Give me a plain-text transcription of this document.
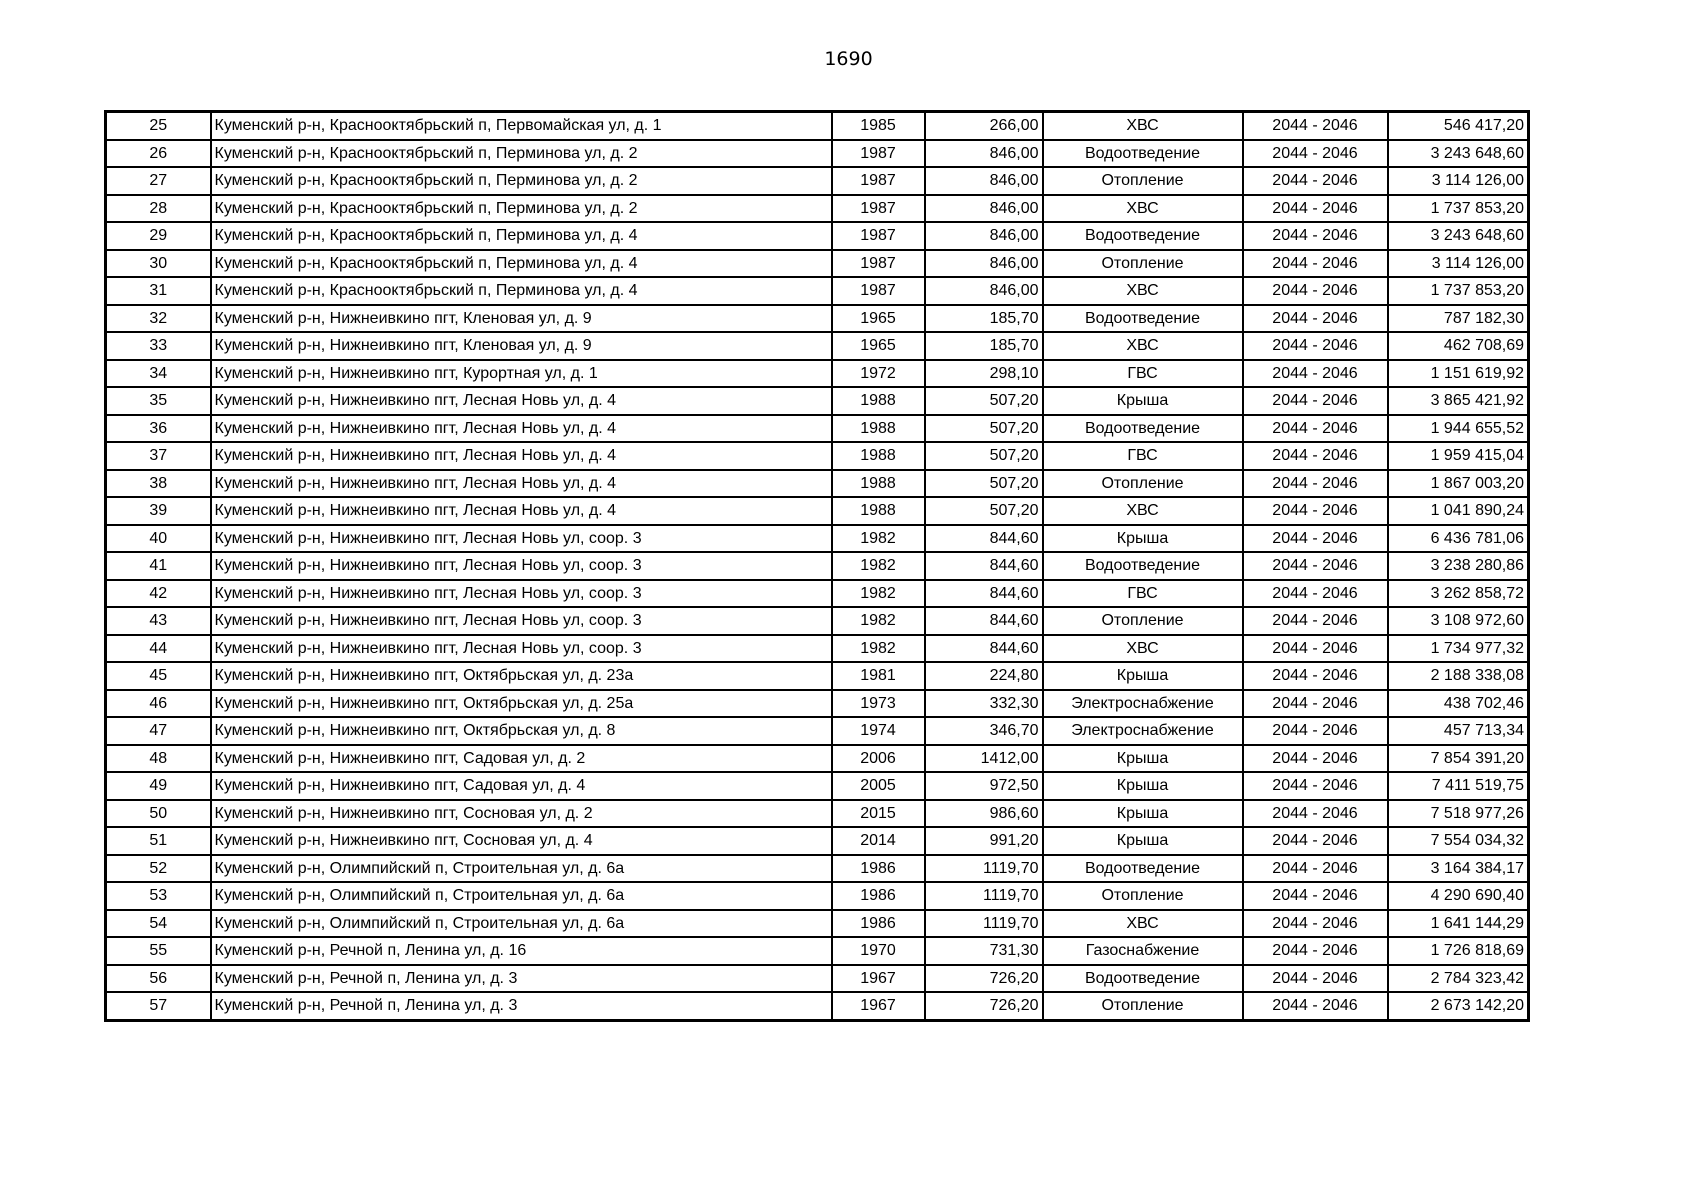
1690
25	Куменский р-н, Краснооктябрьский п, Первомайская ул, д. 1	1985	266,00	ХВС	2044 - 2046	546 417,20
26	Куменский р-н, Краснооктябрьский п, Перминова ул, д. 2	1987	846,00	Водоотведение	2044 - 2046	3 243 648,60
27	Куменский р-н, Краснооктябрьский п, Перминова ул, д. 2	1987	846,00	Отопление	2044 - 2046	3 114 126,00
28	Куменский р-н, Краснооктябрьский п, Перминова ул, д. 2	1987	846,00	ХВС	2044 - 2046	1 737 853,20
29	Куменский р-н, Краснооктябрьский п, Перминова ул, д. 4	1987	846,00	Водоотведение	2044 - 2046	3 243 648,60
30	Куменский р-н, Краснооктябрьский п, Перминова ул, д. 4	1987	846,00	Отопление	2044 - 2046	3 114 126,00
31	Куменский р-н, Краснооктябрьский п, Перминова ул, д. 4	1987	846,00	ХВС	2044 - 2046	1 737 853,20
32	Куменский р-н, Нижнеивкино пгт, Кленовая ул, д. 9	1965	185,70	Водоотведение	2044 - 2046	787 182,30
33	Куменский р-н, Нижнеивкино пгт, Кленовая ул, д. 9	1965	185,70	ХВС	2044 - 2046	462 708,69
34	Куменский р-н, Нижнеивкино пгт, Курортная ул, д. 1	1972	298,10	ГВС	2044 - 2046	1 151 619,92
35	Куменский р-н, Нижнеивкино пгт, Лесная Новь ул, д. 4	1988	507,20	Крыша	2044 - 2046	3 865 421,92
36	Куменский р-н, Нижнеивкино пгт, Лесная Новь ул, д. 4	1988	507,20	Водоотведение	2044 - 2046	1 944 655,52
37	Куменский р-н, Нижнеивкино пгт, Лесная Новь ул, д. 4	1988	507,20	ГВС	2044 - 2046	1 959 415,04
38	Куменский р-н, Нижнеивкино пгт, Лесная Новь ул, д. 4	1988	507,20	Отопление	2044 - 2046	1 867 003,20
39	Куменский р-н, Нижнеивкино пгт, Лесная Новь ул, д. 4	1988	507,20	ХВС	2044 - 2046	1 041 890,24
40	Куменский р-н, Нижнеивкино пгт, Лесная Новь ул, соор. 3	1982	844,60	Крыша	2044 - 2046	6 436 781,06
41	Куменский р-н, Нижнеивкино пгт, Лесная Новь ул, соор. 3	1982	844,60	Водоотведение	2044 - 2046	3 238 280,86
42	Куменский р-н, Нижнеивкино пгт, Лесная Новь ул, соор. 3	1982	844,60	ГВС	2044 - 2046	3 262 858,72
43	Куменский р-н, Нижнеивкино пгт, Лесная Новь ул, соор. 3	1982	844,60	Отопление	2044 - 2046	3 108 972,60
44	Куменский р-н, Нижнеивкино пгт, Лесная Новь ул, соор. 3	1982	844,60	ХВС	2044 - 2046	1 734 977,32
45	Куменский р-н, Нижнеивкино пгт, Октябрьская ул, д. 23а	1981	224,80	Крыша	2044 - 2046	2 188 338,08
46	Куменский р-н, Нижнеивкино пгт, Октябрьская ул, д. 25а	1973	332,30	Электроснабжение	2044 - 2046	438 702,46
47	Куменский р-н, Нижнеивкино пгт, Октябрьская ул, д. 8	1974	346,70	Электроснабжение	2044 - 2046	457 713,34
48	Куменский р-н, Нижнеивкино пгт, Садовая ул, д. 2	2006	1412,00	Крыша	2044 - 2046	7 854 391,20
49	Куменский р-н, Нижнеивкино пгт, Садовая ул, д. 4	2005	972,50	Крыша	2044 - 2046	7 411 519,75
50	Куменский р-н, Нижнеивкино пгт, Сосновая ул, д. 2	2015	986,60	Крыша	2044 - 2046	7 518 977,26
51	Куменский р-н, Нижнеивкино пгт, Сосновая ул, д. 4	2014	991,20	Крыша	2044 - 2046	7 554 034,32
52	Куменский р-н, Олимпийский п, Строительная ул, д. 6а	1986	1119,70	Водоотведение	2044 - 2046	3 164 384,17
53	Куменский р-н, Олимпийский п, Строительная ул, д. 6а	1986	1119,70	Отопление	2044 - 2046	4 290 690,40
54	Куменский р-н, Олимпийский п, Строительная ул, д. 6а	1986	1119,70	ХВС	2044 - 2046	1 641 144,29
55	Куменский р-н, Речной п, Ленина ул, д. 16	1970	731,30	Газоснабжение	2044 - 2046	1 726 818,69
56	Куменский р-н, Речной п, Ленина ул, д. 3	1967	726,20	Водоотведение	2044 - 2046	2 784 323,42
57	Куменский р-н, Речной п, Ленина ул, д. 3	1967	726,20	Отопление	2044 - 2046	2 673 142,20
